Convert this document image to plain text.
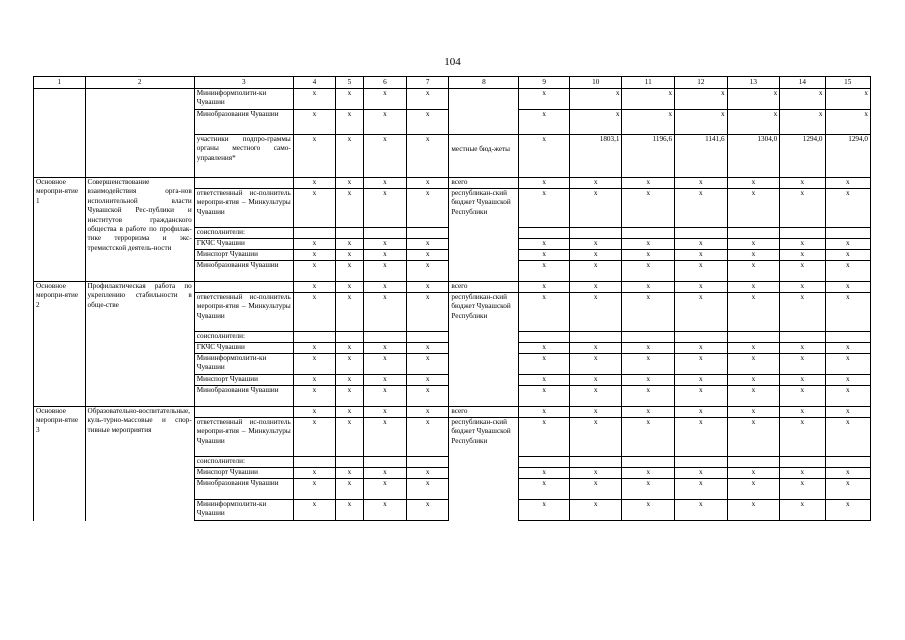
104
1	2	3	4	5	6	7	8	9	10	11	12	13	14	15
		Мининформполити-ки Чувашии	x	x	x	x		x	x	x	x	x	x	x
		Минобразования Чувашии	x	x	x	x		x	x	x	x	x	x	x
		участники подпро-граммы органы местного само-управления*	x	x	x	x	местные бюд-жеты	x	1803,1	1196,6	1141,6	1304,0	1294,0	1294,0
Основное меропри-ятие 1	Совершенствование взаимодействия орга-нов исполнительной власти Чувашской Рес-публики и институтов гражданского общества в работе по профилак-тике терроризма и экс-тремистской деятель-ности		x	x	x	x	всего	x	x	x	x	x	x	x
		ответственный ис-полнитель меропри-ятия – Минкультуры Чувашии	x	x	x	x	республикан-ский бюджет Чувашской Республики	x	x	x	x	x	x	x
		соисполнители:												
		ГКЧС Чувашии	x	x	x	x		x	x	x	x	x	x	x
		Минспорт Чувашии	x	x	x	x		x	x	x	x	x	x	x
		Минобразования Чувашии	x	x	x	x		x	x	x	x	x	x	x
Основное меропри-ятие 2	Профилактическая работа по укреплению стабильности в обще-стве		x	x	x	x	всего	x	x	x	x	x	x	x
		ответственный ис-полнитель меропри-ятия – Минкультуры Чувашии	x	x	x	x	республикан-ский бюджет Чувашской Республики	x	x	x	x	x	x	x
		соисполнители:												
		ГКЧС Чувашии	x	x	x	x		x	x	x	x	x	x	x
		Мининформполити-ки Чувашии	x	x	x	x		x	x	x	x	x	x	x
		Минспорт Чувашии	x	x	x	x		x	x	x	x	x	x	x
		Минобразования Чувашии	x	x	x	x		x	x	x	x	x	x	x
Основное меропри-ятие 3	Образовательно-воспитательные, куль-турно-массовые и спор-тивные мероприятия		x	x	x	x	всего	x	x	x	x	x	x	x
		ответственный ис-полнитель меропри-ятия – Минкультуры Чувашии	x	x	x	x	республикан-ский бюджет Чувашской Республики	x	x	x	x	x	x	x
		соисполнители:												
		Минспорт Чувашии	x	x	x	x		x	x	x	x	x	x	x
		Минобразования Чувашии	x	x	x	x		x	x	x	x	x	x	x
		Мининформполити-ки Чувашии	x	x	x	x		x	x	x	x	x	x	x
